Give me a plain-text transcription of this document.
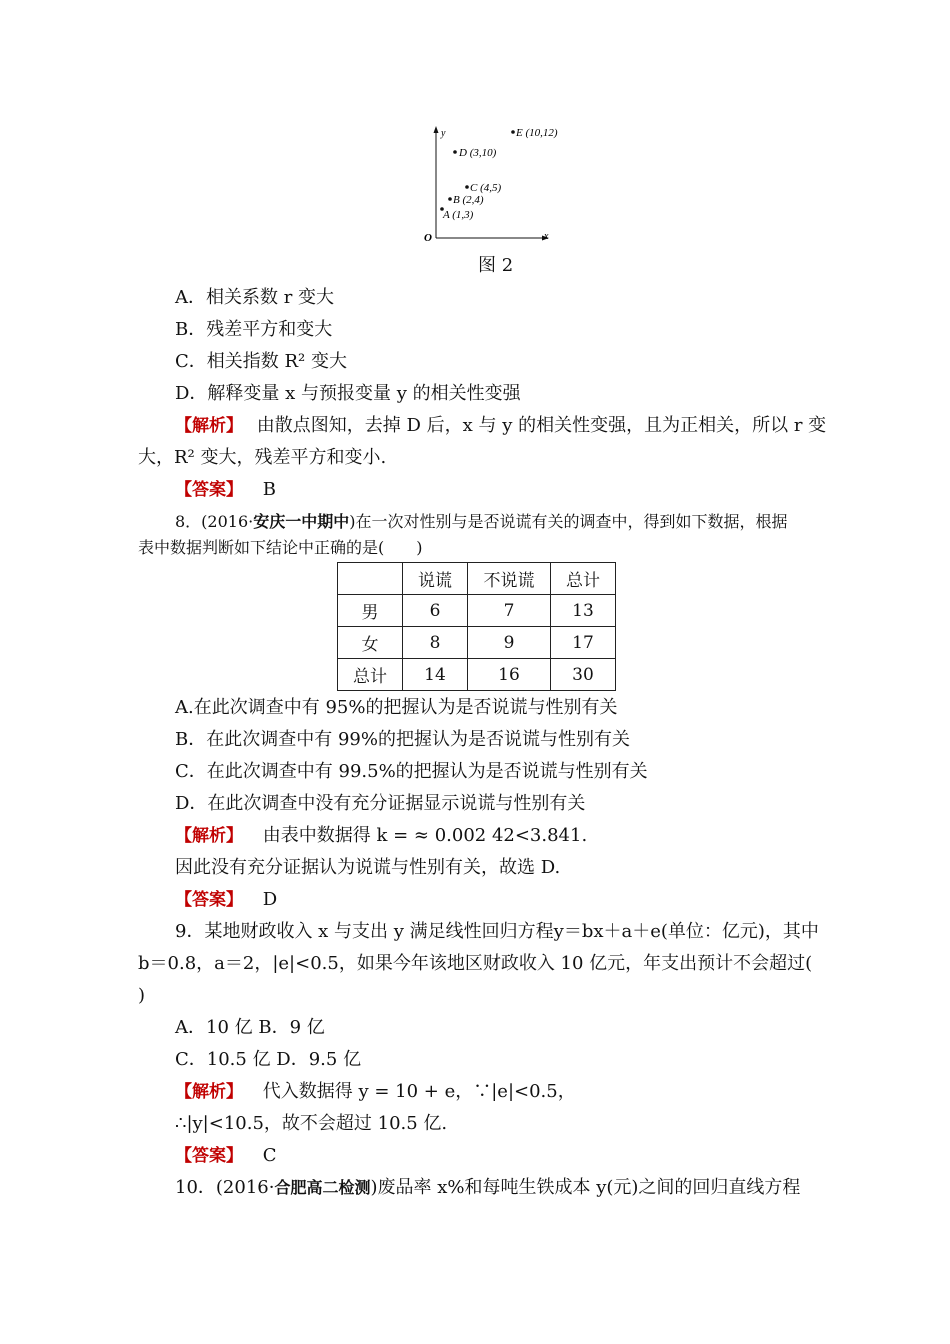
y
x
O
E (10,12)
D (3,10)
C (4,5)
B (2,4)
A (1,3)
图 2
A．相关系数 r 变大
B．残差平方和变大
C．相关指数 R² 变大
D．解释变量 x 与预报变量 y 的相关性变强
【解析】 由散点图知，去掉 D 后，x 与 y 的相关性变强，且为正相关，所以 r 变
大，R² 变大，残差平方和变小.
【答案】 B
8．(2016·安庆一中期中)在一次对性别与是否说谎有关的调查中，得到如下数据，根据
表中数据判断如下结论中正确的是(　　)
	说谎	不说谎	总计
男	6	7	13
女	8	9	17
总计	14	16	30
A.在此次调查中有 95%的把握认为是否说谎与性别有关
B．在此次调查中有 99%的把握认为是否说谎与性别有关
C．在此次调查中有 99.5%的把握认为是否说谎与性别有关
D．在此次调查中没有充分证据显示说谎与性别有关
【解析】 由表中数据得 k = ≈ 0.002 42<3.841.
因此没有充分证据认为说谎与性别有关，故选 D.
【答案】 D
9．某地财政收入 x 与支出 y 满足线性回归方程y＝bx＋a＋e(单位：亿元)，其中
b＝0.8，a＝2，|e|<0.5，如果今年该地区财政收入 10 亿元，年支出预计不会超过(
)
A．10 亿 B．9 亿
C．10.5 亿 D．9.5 亿
【解析】 代入数据得 y = 10 + e，∵|e|<0.5，
∴|y|<10.5，故不会超过 10.5 亿.
【答案】 C
10．(2016·合肥高二检测)废品率 x%和每吨生铁成本 y(元)之间的回归直线方程
